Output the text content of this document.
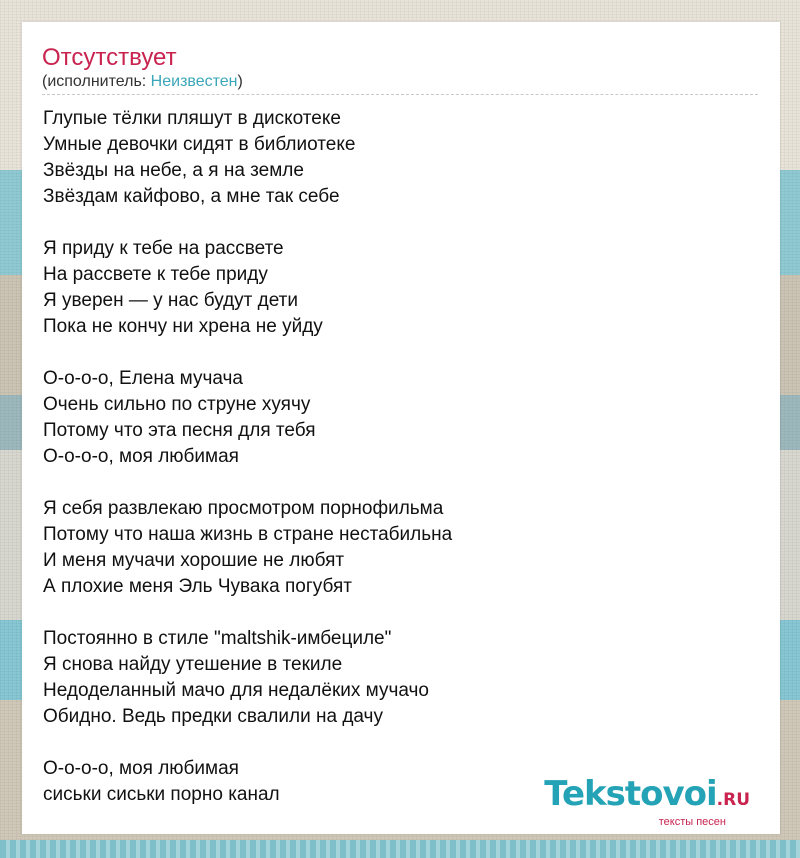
Отсутствует
(исполнитель: Неизвестен)
Глупые тёлки пляшут в дискотеке
Умные девочки сидят в библиотеке
Звёзды на небе, а я на земле
Звёздам кайфово, а мне так себе
Я приду к тебе на рассвете
На рассвете к тебе приду
Я уверен — у нас будут дети
Пока не кончу ни хрена не уйду
О-о-о-о, Елена мучача
Очень сильно по струне хуячу
Потому что эта песня для тебя
О-о-о-о, моя любимая
Я себя развлекаю просмотром порнофильма
Потому что наша жизнь в стране нестабильна
И меня мучачи хорошие не любят
А плохие меня Эль Чувака погубят
Постоянно в стиле "maltshik-имбециле"
Я снова найду утешение в текиле
Недоделанный мачо для недалёких мучачо
Обидно. Ведь предки свалили на дачу
О-о-о-о, моя любимая
сиськи сиськи порно канал	Tekstovoi.RU
тексты песен
